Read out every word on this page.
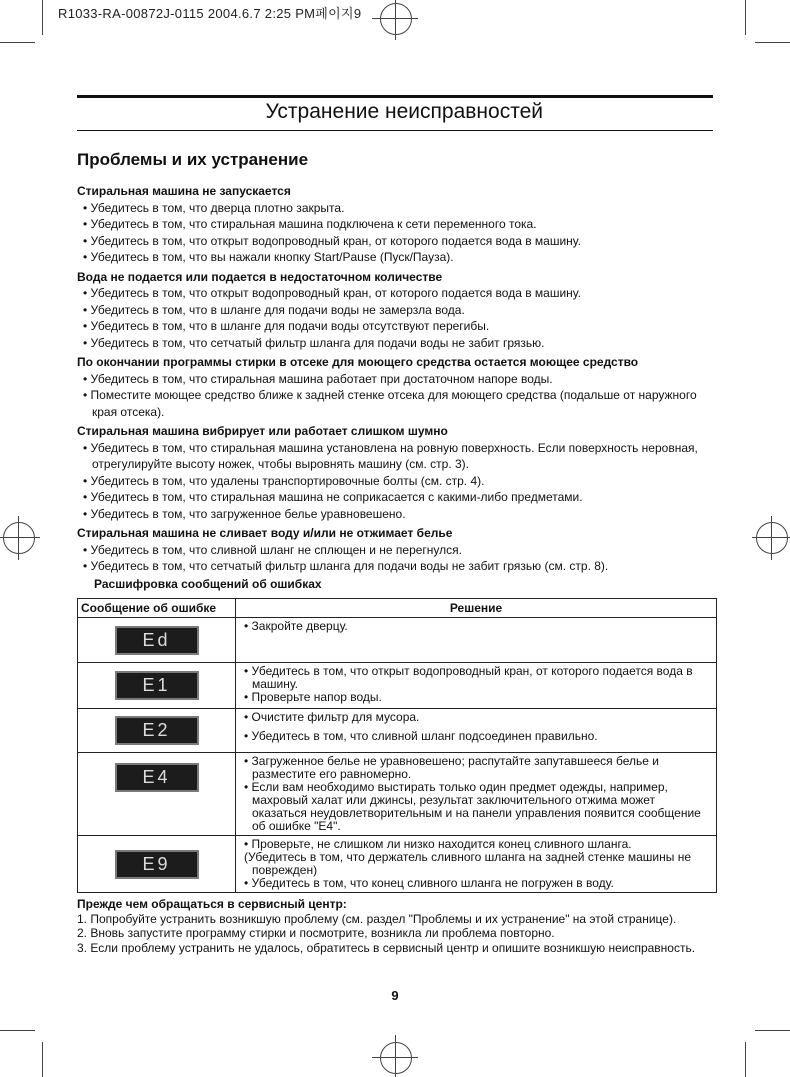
R1033-RA-00872J-0115 2004.6.7 2:25 PM페이지9
Устранение неисправностей
Проблемы и их устранение
Стиральная машина не запускается
• Убедитесь в том, что дверца плотно закрыта.
• Убедитесь в том, что стиральная машина подключена к сети переменного тока.
• Убедитесь в том, что открыт водопроводный кран, от которого подается вода в машину.
• Убедитесь в том, что вы нажали кнопку Start/Pause (Пуск/Пауза).
Вода не подается или подается в недостаточном количестве
• Убедитесь в том, что открыт водопроводный кран, от которого подается вода в машину.
• Убедитесь в том, что в шланге для подачи воды не замерзла вода.
• Убедитесь в том, что в шланге для подачи воды отсутствуют перегибы.
• Убедитесь в том, что сетчатый фильтр шланга для подачи воды не забит грязью.
По окончании программы стирки в отсеке для моющего средства остается моющее средство
• Убедитесь в том, что стиральная машина работает при достаточном напоре воды.
• Поместите моющее средство ближе к задней стенке отсека для моющего средства (подальше от наружного края отсека).
Стиральная машина вибрирует или работает слишком шумно
• Убедитесь в том, что стиральная машина установлена на ровную поверхность. Если поверхность неровная, отрегулируйте высоту ножек, чтобы выровнять машину (см. стр. 3).
• Убедитесь в том, что удалены транспортировочные болты (см. стр. 4).
• Убедитесь в том, что стиральная машина не соприкасается с какими-либо предметами.
• Убедитесь в том, что загруженное белье уравновешено.
Стиральная машина не сливает воду и/или не отжимает белье
• Убедитесь в том, что сливной шланг не сплющен и не перегнулся.
• Убедитесь в том, что сетчатый фильтр шланга для подачи воды не забит грязью (см. стр. 8).
Расшифровка сообщений об ошибках
Сообщение об ошибке	Решение
Ed	• Закройте дверцу.

E1	• Убедитесь в том, что открыт водопроводный кран, от которого подается вода в машину.
• Проверьте напор воды.

E2	• Очистите фильтр для мусора.
• Убедитесь в том, что сливной шланг подсоединен правильно.

E4	• Загруженное белье не уравновешено; распутайте запутавшееся белье и разместите его равномерно.
• Если вам необходимо выстирать только один предмет одежды, например, махровый халат или джинсы, результат заключительного отжима может оказаться неудовлетворительным и на панели управления появится сообщение об ошибке "E4".

E9	• Проверьте, не слишком ли низко находится конец сливного шланга.
(Убедитесь в том, что держатель сливного шланга на задней стенке машины не поврежден)
• Убедитесь в том, что конец сливного шланга не погружен в воду.
Прежде чем обращаться в сервисный центр:
1. Попробуйте устранить возникшую проблему (см. раздел "Проблемы и их устранение" на этой странице).
2. Вновь запустите программу стирки и посмотрите, возникла ли проблема повторно.
3. Если проблему устранить не удалось, обратитесь в сервисный центр и опишите возникшую неисправность.
9
